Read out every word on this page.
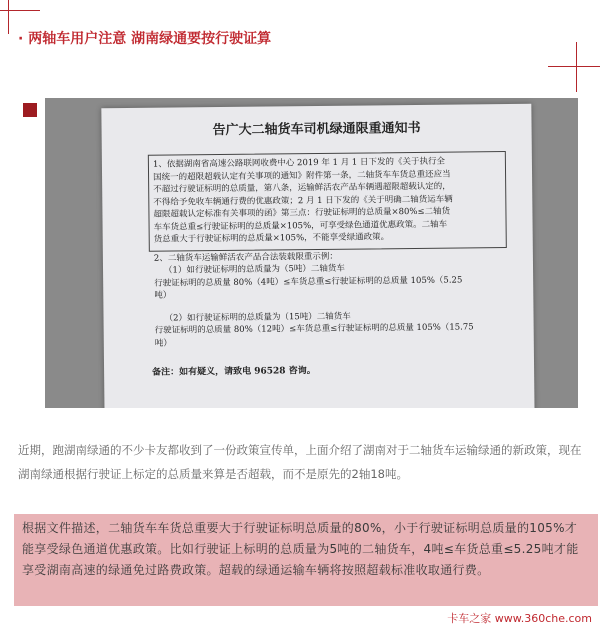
· 两轴车用户注意 湖南绿通要按行驶证算
告广大二轴货车司机绿通限重通知书

1、依据湖南省高速公路联网收费中心 2019 年 1 月 1 日下发的《关于执行全

国统一的超限超载认定有关事项的通知》附件第一条，二轴货车车货总重还应当

不超过行驶证标明的总质量，第八条，运输鲜活农产品车辆遇超限超载认定的，

不得给予免收车辆通行费的优惠政策；2 月 1 日下发的《关于明确二轴货运车辆

超限超载认定标准有关事项的函》第三点：行驶证标明的总质量×80%≤二轴货

车车货总重≤行驶证标明的总质量×105%，可享受绿色通道优惠政策。二轴车

货总重大于行驶证标明的总质量×105%，不能享受绿通政策。

2、二轴货车运输鲜活农产品合法装载限重示例：

（1）如行驶证标明的总质量为（5吨）二轴货车

行驶证标明的总质量 80%（4吨）≤车货总重≤行驶证标明的总质量 105%（5.25

吨）

（2）如行驶证标明的总质量为（15吨）二轴货车

行驶证标明的总质量 80%（12吨）≤车货总重≤行驶证标明的总质量 105%（15.75

吨）

备注：如有疑义，请致电 96528 咨询。

近期，跑湖南绿通的不少卡友都收到了一份政策宣传单，上面介绍了湖南对于二轴货车运输绿通的新政策，现在湖南绿通根据行驶证上标定的总质量来算是否超载，而不是原先的2轴18吨。
根据文件描述，二轴货车车货总重要大于行驶证标明总质量的80%，小于行驶证标明总质量的105%才能享受绿色通道优惠政策。比如行驶证上标明的总质量为5吨的二轴货车，4吨≤车货总重≤5.25吨才能享受湖南高速的绿通免过路费政策。超载的绿通运输车辆将按照超载标准收取通行费。
卡车之家 www.360che.com
